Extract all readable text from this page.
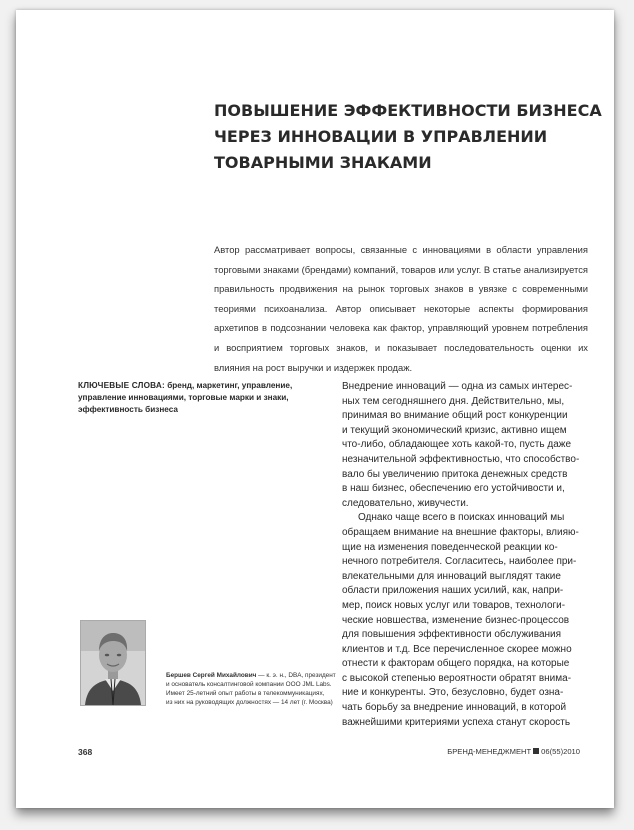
ПОВЫШЕНИЕ ЭФФЕКТИВНОСТИ БИЗНЕСА
ЧЕРЕЗ ИННОВАЦИИ В УПРАВЛЕНИИ
ТОВАРНЫМИ ЗНАКАМИ

Автор рассматривает вопросы, связанные с инновациями в области управления торговыми знаками (брендами) компаний, товаров или услуг. В статье анализируется правильность продвижения на рынок торговых знаков в увязке с современными теориями психоанализа. Автор описывает некоторые аспекты формирования архетипов в подсознании человека как фактор, управляющий уровнем потребления и восприятием торговых знаков, и показывает последовательность оценки их влияния на рост выручки и издержек продаж.

КЛЮЧЕВЫЕ СЛОВА: бренд, маркетинг, управление, управление инновациями, торговые марки и знаки, эффективность бизнеса

Внедрение инноваций — одна из самых интерес-
ных тем сегодняшнего дня. Действительно, мы,
принимая во внимание общий рост конкуренции
и текущий экономический кризис, активно ищем
что-либо, обладающее хоть какой-то, пусть даже
незначительной эффективностью, что способство-
вало бы увеличению притока денежных средств
в наш бизнес, обеспечению его устойчивости и,
следовательно, живучести.

Однако чаще всего в поисках инноваций мы
обращаем внимание на внешние факторы, влияю-
щие на изменения поведенческой реакции ко-
нечного потребителя. Согласитесь, наиболее при-
влекательными для инноваций выглядят такие
области приложения наших усилий, как, напри-
мер, поиск новых услуг или товаров, технологи-
ческие новшества, изменение бизнес-процессов
для повышения эффективности обслуживания
клиентов и т.д. Все перечисленное скорее можно
отнести к факторам общего порядка, на которые
с высокой степенью вероятности обратят внима-
ние и конкуренты. Это, безусловно, будет озна-
чать борьбу за внедрение инноваций, в которой
важнейшими критериями успеха станут скорость

Бершев Сергей Михайлович — к. э. н., DBA, президент
и основатель консалтинговой компании ООО JML Labs.
Имеет 25-летний опыт работы в телекоммуникациях,
из них на руководящих должностях — 14 лет (г. Москва)
368	БРЕНД-МЕНЕДЖМЕНТ 06(55)2010
